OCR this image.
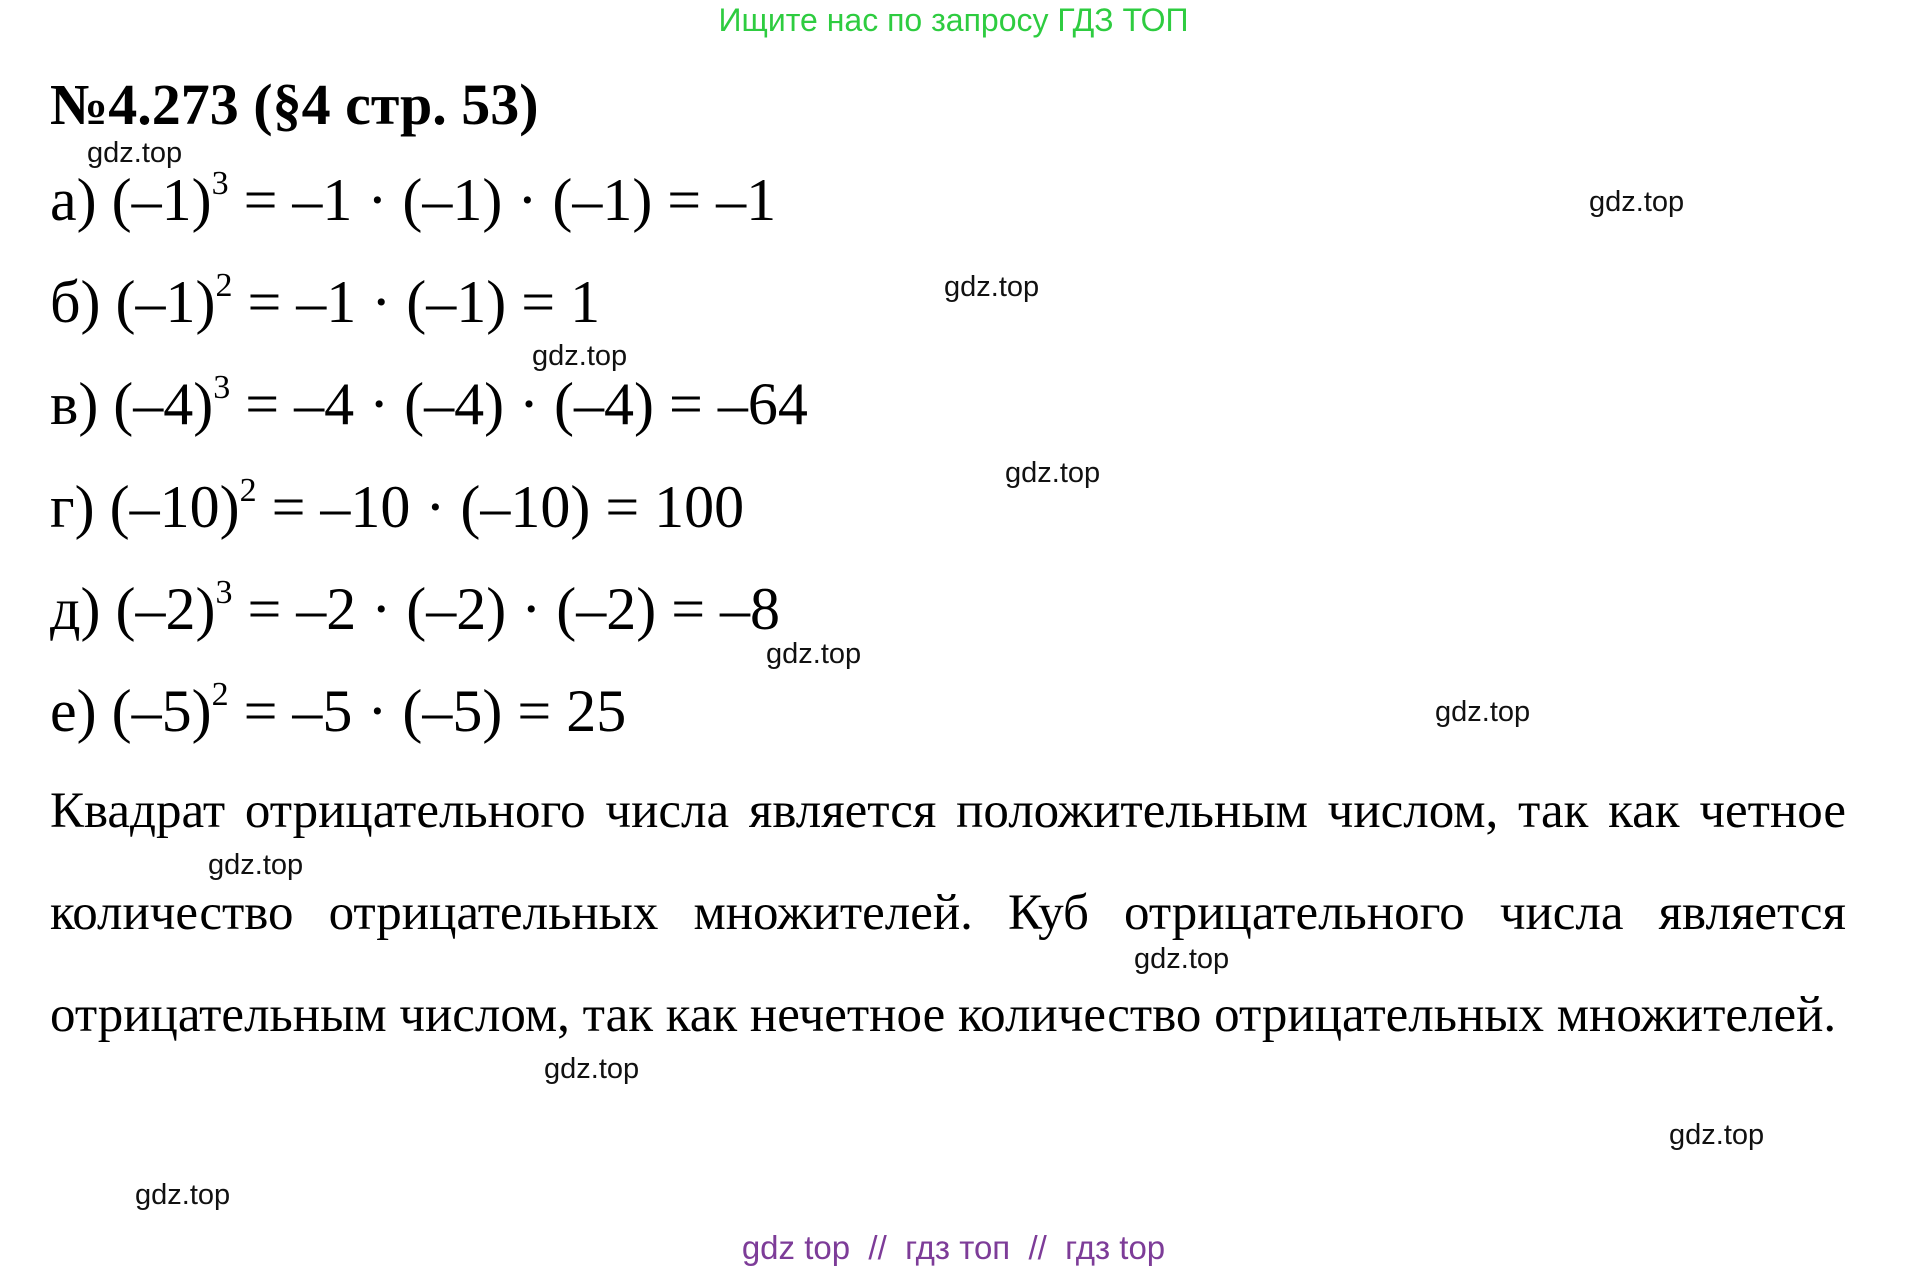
Ищите нас по запросу ГДЗ ТОП
№4.273 (§4 стр. 53)
а) $(-1)^3 = -1 \cdot (-1) \cdot (-1) = -1$
б) $(-1)^2 = -1 \cdot (-1) = 1$
в) $(-4)^3 = -4 \cdot (-4) \cdot (-4) = -64$
г) $(-10)^2 = -10 \cdot (-10) = 100$
д) $(-2)^3 = -2 \cdot (-2) \cdot (-2) = -8$
е) $(-5)^2 = -5 \cdot (-5) = 25$
Квадрат отрицательного числа является положительным числом, так как четное количество отрицательных множителей. Куб отрицательного числа является отрицательным числом, так как нечетное количество отрицательных множителей.
gdz.top
gdz.top
gdz.top
gdz.top
gdz.top
gdz.top
gdz.top
gdz.top
gdz.top
gdz.top
gdz.top
gdz.top
gdz top  //  гдз топ  //  гдз top
